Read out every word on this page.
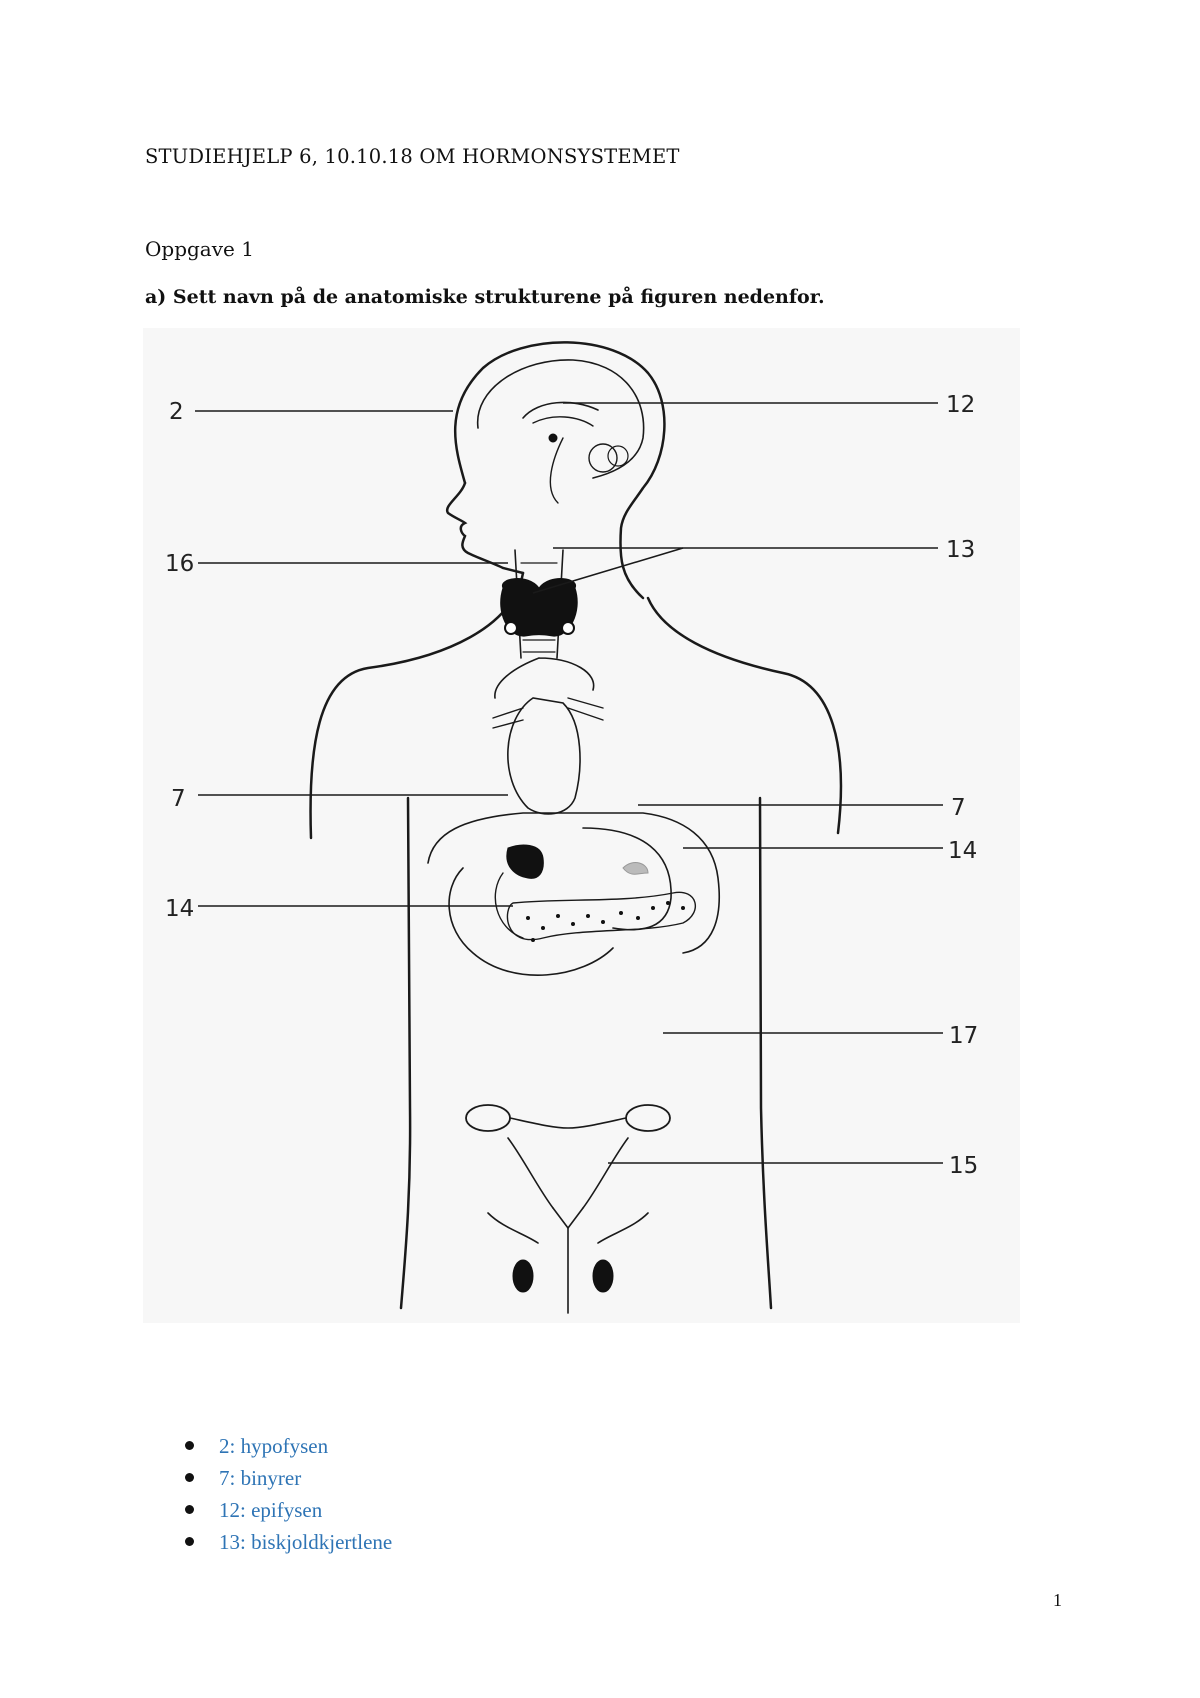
STUDIEHJELP 6, 10.10.18 OM HORMONSYSTEMET
Oppgave 1
a) Sett navn på de anatomiske strukturene på figuren nedenfor.
2	12
16
13
7	7
14
14
17
15
2: hypofysen
7: binyrer
12: epifysen
13: biskjoldkjertlene
1
